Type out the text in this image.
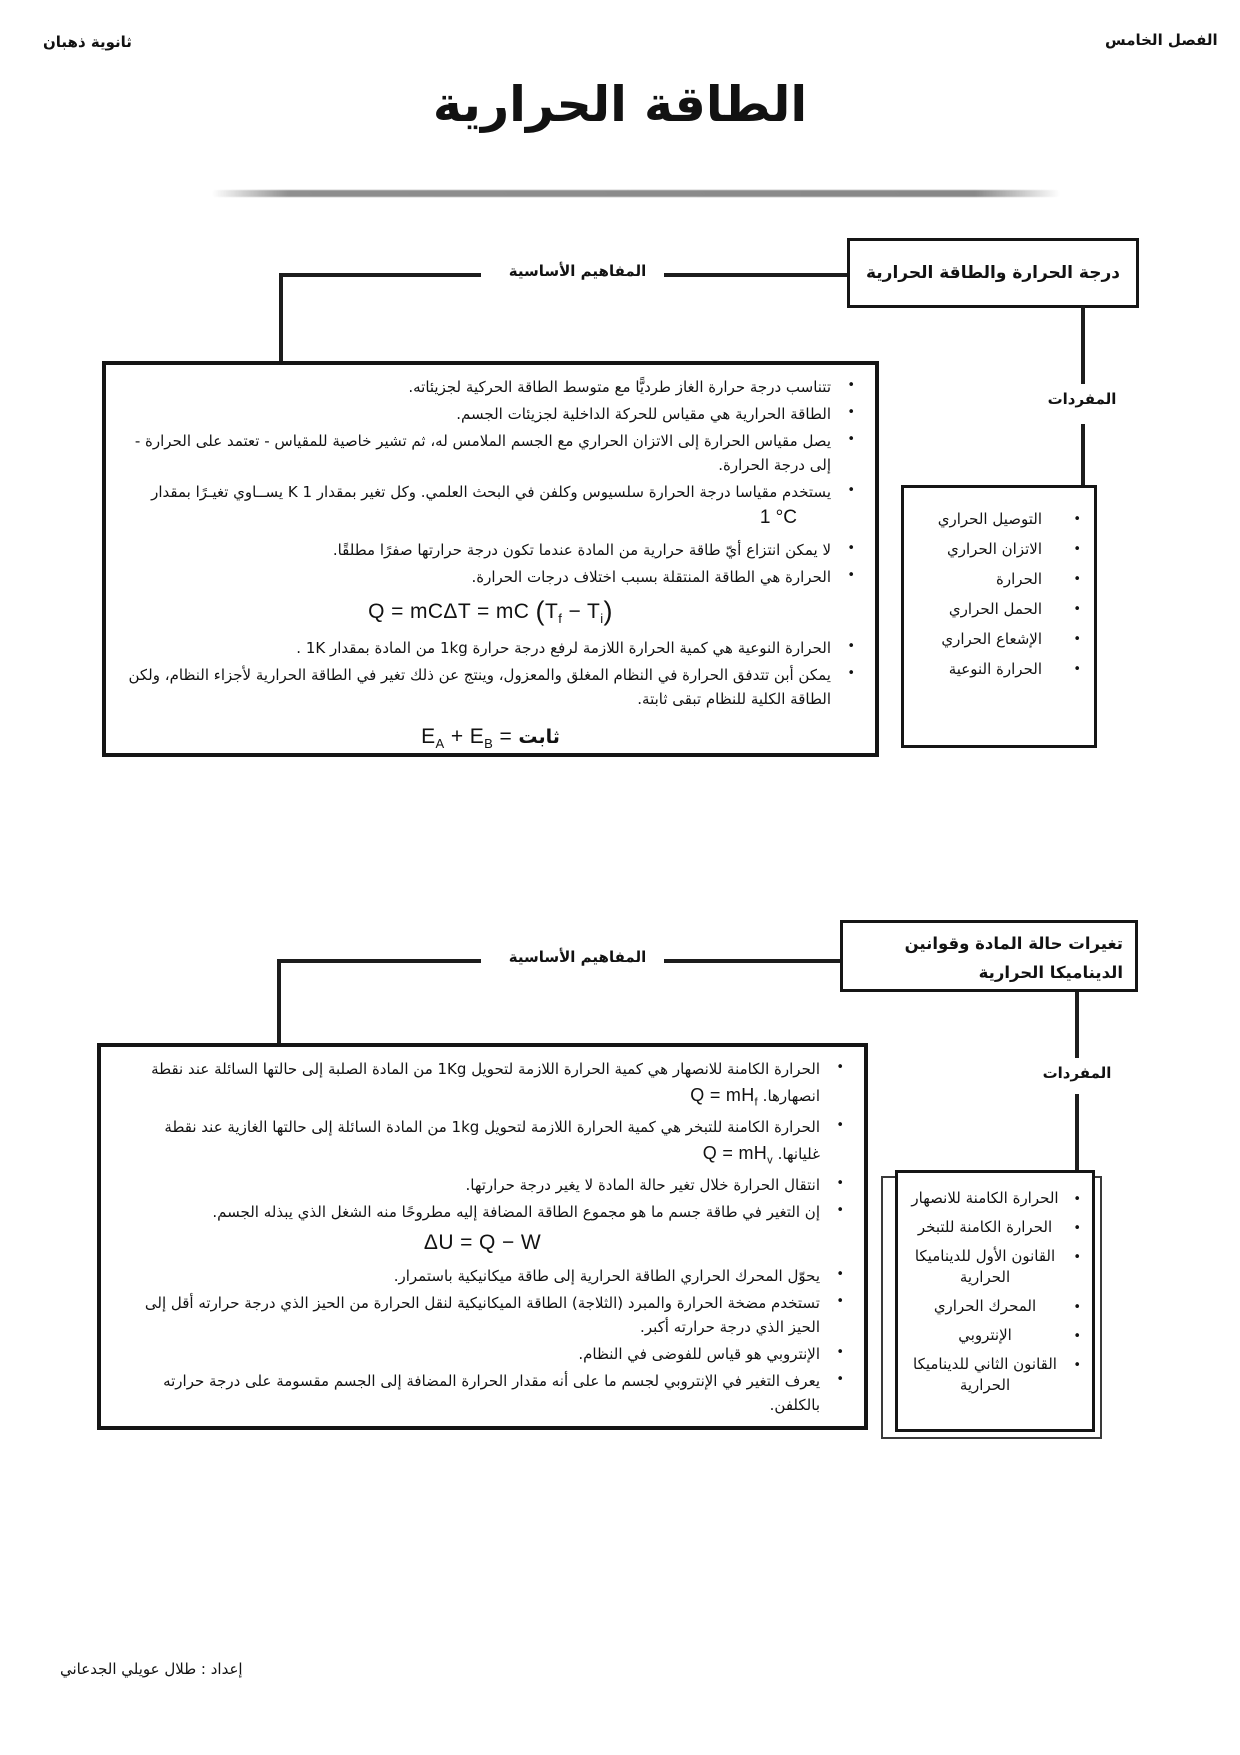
ثانوية ذهبان	الفصل الخامس
الطاقة الحرارية
درجة الحرارة والطاقة الحرارية
المفاهيم الأساسية
المفردات
• تتناسب درجة حرارة الغاز طرديًّا مع متوسط الطاقة الحركية لجزيئاته.
• الطاقة الحرارية هي مقياس للحركة الداخلية لجزيئات الجسم.
• يصل مقياس الحرارة إلى الاتزان الحراري مع الجسم الملامس له، ثم تشير خاصية للمقياس - تعتمد على الحرارة - إلى درجة الحرارة.
• يستخدم مقياسا درجة الحرارة سلسيوس وكلفن في البحث العلمي. وكل تغير بمقدار 1 K يســاوي تغيـرًا بمقدار
1 °C
• لا يمكن انتزاع أيّ طاقة حرارية من المادة عندما تكون درجة حرارتها صفرًا مطلقًا.
• الحرارة هي الطاقة المنتقلة بسبب اختلاف درجات الحرارة.
Q = mCΔT = mC $(T_f - T_i)$
• الحرارة النوعية هي كمية الحرارة اللازمة لرفع درجة حرارة 1kg من المادة بمقدار 1K .
• يمكن أبن تتدفق الحرارة في النظام المغلق والمعزول، وينتج عن ذلك تغير في الطاقة الحرارية لأجزاء النظام، ولكن الطاقة الكلية للنظام تبقى ثابتة.
$E_A + E_B$ = ثابت
• التوصيل الحراري
• الاتزان الحراري
• الحرارة
• الحمل الحراري
• الإشعاع الحراري
• الحرارة النوعية
تغيرات حالة المادة وقوانين الديناميكا الحرارية
المفاهيم الأساسية
المفردات
• الحرارة الكامنة للانصهار هي كمية الحرارة اللازمة لتحويل 1Kg من المادة الصلبة إلى حالتها السائلة عند نقطة انصهارها. $Q = mH_f$
• الحرارة الكامنة للتبخر هي كمية الحرارة اللازمة لتحويل 1kg من المادة السائلة إلى حالتها الغازية عند نقطة غليانها. $Q = mH_v$
• انتقال الحرارة خلال تغير حالة المادة لا يغير درجة حرارتها.
• إن التغير في طاقة جسم ما هو مجموع الطاقة المضافة إليه مطروحًا منه الشغل الذي يبذله الجسم.
ΔU = Q − W
• يحوّل المحرك الحراري الطاقة الحرارية إلى طاقة ميكانيكية باستمرار.
• تستخدم مضخة الحرارة والمبرد (الثلاجة) الطاقة الميكانيكية لنقل الحرارة من الحيز الذي درجة حرارته أقل إلى الحيز الذي درجة حرارته أكبر.
• الإنتروبي هو قياس للفوضى في النظام.
• يعرف التغير في الإنتروبي لجسم ما على أنه مقدار الحرارة المضافة إلى الجسم مقسومة على درجة حرارته بالكلفن.
• الحرارة الكامنة للانصهار
• الحرارة الكامنة للتبخر
• القانون الأول للديناميكا الحرارية
• المحرك الحراري
• الإنتروبي
• القانون الثاني للديناميكا الحرارية
إعداد : طلال عويلي الجدعاني
